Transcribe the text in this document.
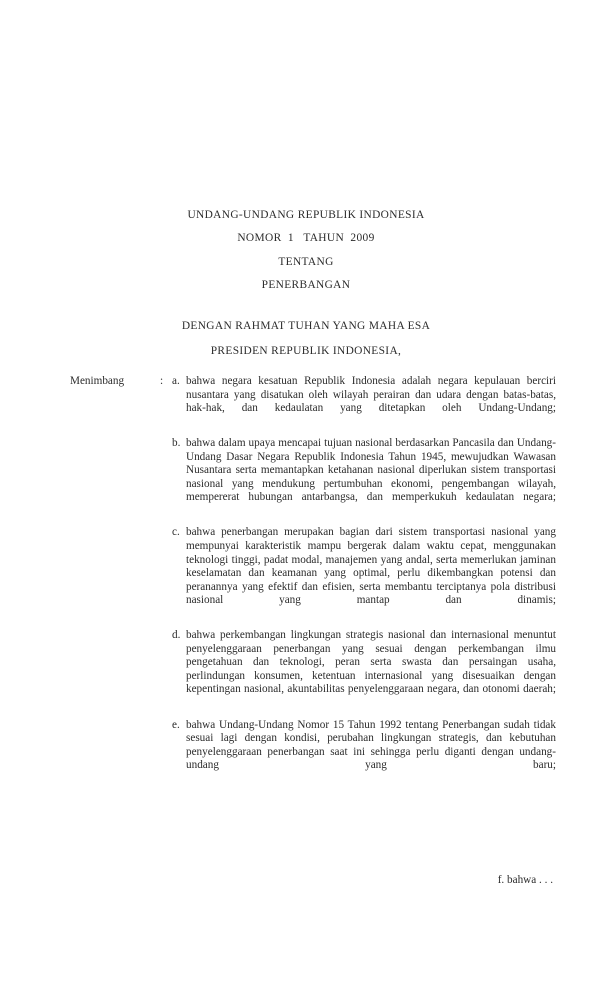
UNDANG-UNDANG REPUBLIK INDONESIA
NOMOR  1   TAHUN  2009
TENTANG
PENERBANGAN
DENGAN RAHMAT TUHAN YANG MAHA ESA
PRESIDEN REPUBLIK INDONESIA,
Menimbang	: a. bahwa negara kesatuan Republik Indonesia adalah negara kepulauan berciri nusantara yang disatukan oleh wilayah perairan dan udara dengan batas-batas, hak-hak, dan kedaulatan yang ditetapkan oleh Undang-Undang;
b. bahwa dalam upaya mencapai tujuan nasional berdasarkan Pancasila dan Undang-Undang Dasar Negara Republik Indonesia Tahun 1945, mewujudkan Wawasan Nusantara serta memantapkan ketahanan nasional diperlukan sistem transportasi nasional yang mendukung pertumbuhan ekonomi, pengembangan wilayah, mempererat hubungan antarbangsa, dan memperkukuh kedaulatan negara;
c. bahwa penerbangan merupakan bagian dari sistem transportasi nasional yang mempunyai karakteristik mampu bergerak dalam waktu cepat, menggunakan teknologi tinggi, padat modal, manajemen yang andal, serta memerlukan jaminan keselamatan dan keamanan yang optimal, perlu dikembangkan potensi dan peranannya yang efektif dan efisien, serta membantu terciptanya pola distribusi nasional yang mantap dan dinamis;
d. bahwa perkembangan lingkungan strategis nasional dan internasional menuntut penyelenggaraan penerbangan yang sesuai dengan perkembangan ilmu pengetahuan dan teknologi, peran serta swasta dan persaingan usaha, perlindungan konsumen, ketentuan internasional yang disesuaikan dengan kepentingan nasional, akuntabilitas penyelenggaraan negara, dan otonomi daerah;
e. bahwa Undang-Undang Nomor 15 Tahun 1992 tentang Penerbangan sudah tidak sesuai lagi dengan kondisi, perubahan lingkungan strategis, dan kebutuhan penyelenggaraan penerbangan saat ini sehingga perlu diganti dengan undang-undang yang baru;
f. bahwa . . .
